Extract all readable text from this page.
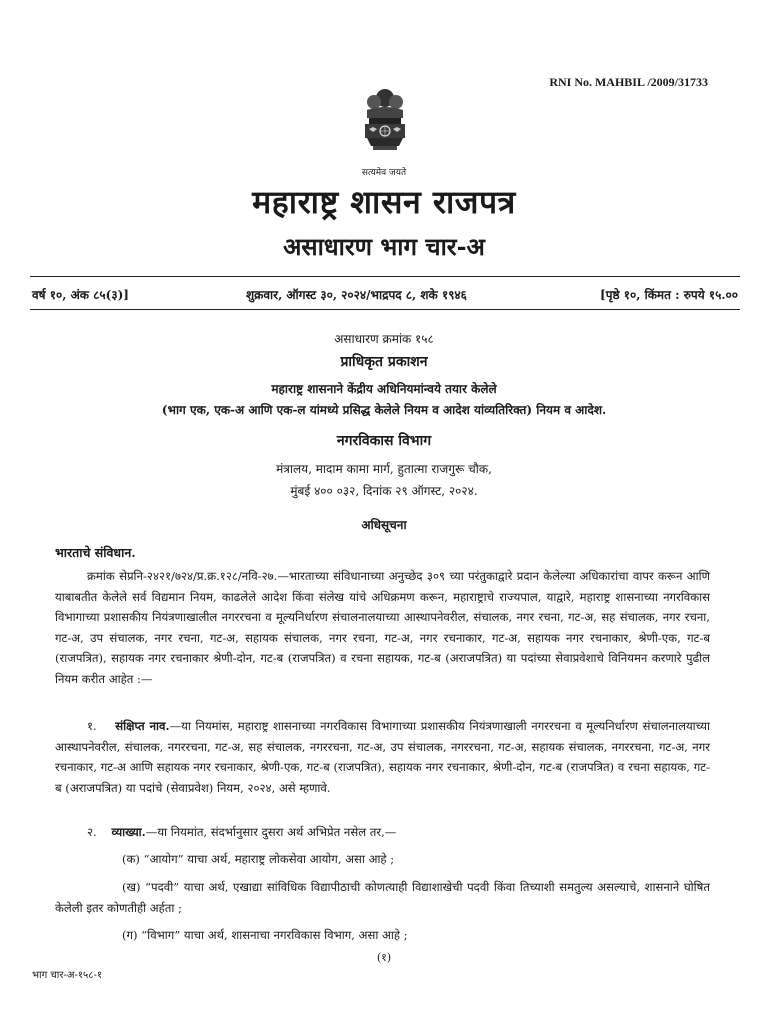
RNI No. MAHBIL /2009/31733
सत्यमेव जयते
महाराष्ट्र शासन राजपत्र
असाधारण भाग चार-अ
वर्ष १०, अंक ८५(३)]	शुक्रवार, ऑगस्ट ३०, २०२४/भाद्रपद ८, शके १९४६	[पृष्ठे १०, किंमत : रुपये १५.००
असाधारण क्रमांक १५८
प्राधिकृत प्रकाशन
महाराष्ट्र शासनाने केंद्रीय अधिनियमांन्वये तयार केलेले
(भाग एक, एक-अ आणि एक-ल यांमध्ये प्रसिद्ध केलेले नियम व आदेश यांव्यतिरिक्त) नियम व आदेश.
नगरविकास विभाग
मंत्रालय, मादाम कामा मार्ग, हुतात्मा राजगुरू चौक,
मुंबई ४०० ०३२, दिनांक २९ ऑगस्ट, २०२४.
अधिसूचना
भारताचे संविधान.
क्रमांक सेप्रनि-२४२१/७२४/प्र.क्र.१२८/नवि-२७.—भारताच्या संविधानाच्या अनुच्छेद ३०९ च्या परंतुकाद्वारे प्रदान केलेल्या अधिकारांचा वापर करून आणि याबाबतीत केलेले सर्व विद्यमान नियम, काढलेले आदेश किंवा संलेख यांचे अधिक्रमण करून, महाराष्ट्राचे राज्यपाल, याद्वारे, महाराष्ट्र शासनाच्या नगरविकास विभागाच्या प्रशासकीय नियंत्रणाखालील नगररचना व मूल्यनिर्धारण संचालनालयाच्या आस्थापनेवरील, संचालक, नगर रचना, गट-अ, सह संचालक, नगर रचना, गट-अ, उप संचालक, नगर रचना, गट-अ, सहायक संचालक, नगर रचना, गट-अ, नगर रचनाकार, गट-अ, सहायक नगर रचनाकार, श्रेणी-एक, गट-ब (राजपत्रित), सहायक नगर रचनाकार श्रेणी-दोन, गट-ब (राजपत्रित) व रचना सहायक, गट-ब (अराजपत्रित) या पदांच्या सेवाप्रवेशाचे विनियमन करणारे पुढील नियम करीत आहेत :—
१. संक्षिप्त नाव.—या नियमांस, महाराष्ट्र शासनाच्या नगरविकास विभागाच्या प्रशासकीय नियंत्रणाखाली नगररचना व मूल्यनिर्धारण संचालनालयाच्या आस्थापनेवरील, संचालक, नगररचना, गट-अ, सह संचालक, नगररचना, गट-अ, उप संचालक, नगररचना, गट-अ, सहायक संचालक, नगररचना, गट-अ, नगर रचनाकार, गट-अ आणि सहायक नगर रचनाकार, श्रेणी-एक, गट-ब (राजपत्रित), सहायक नगर रचनाकार, श्रेणी-दोन, गट-ब (राजपत्रित) व रचना सहायक, गट-ब (अराजपत्रित) या पदांचे (सेवाप्रवेश) नियम, २०२४, असे म्हणावे.
२. व्याख्या.—या नियमांत, संदर्भानुसार दुसरा अर्थ अभिप्रेत नसेल तर,—
(क) “आयोग” याचा अर्थ, महाराष्ट्र लोकसेवा आयोग, असा आहे ;
(ख) “पदवी” याचा अर्थ, एखाद्या सांविधिक विद्यापीठाची कोणत्याही विद्याशाखेची पदवी किंवा तिच्याशी समतुल्य असल्याचे, शासनाने घोषित केलेली इतर कोणतीही अर्हता ;
(ग) “विभाग” याचा अर्थ, शासनाचा नगरविकास विभाग, असा आहे ;
(१)
भाग चार-अ-१५८-१
